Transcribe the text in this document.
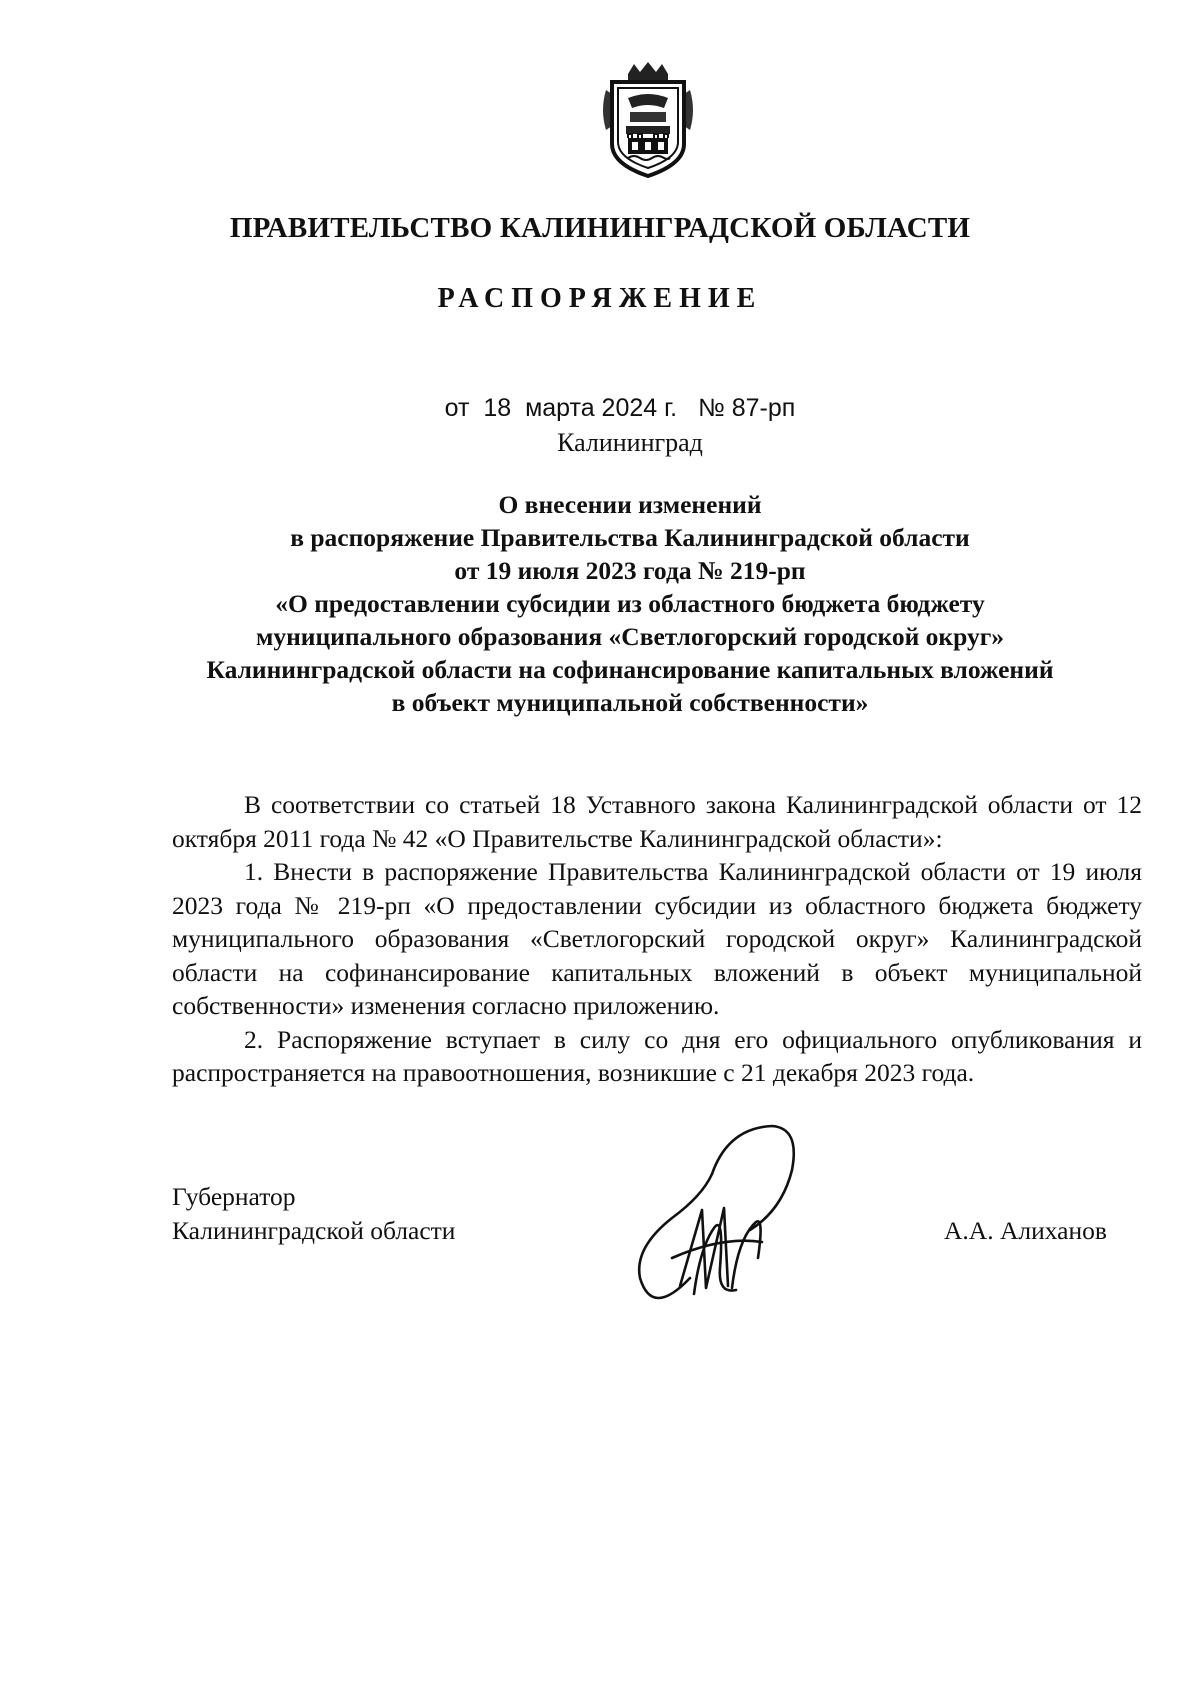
ПРАВИТЕЛЬСТВО КАЛИНИНГРАДСКОЙ ОБЛАСТИ
РАСПОРЯЖЕНИЕ
от 18 марта 2024 г. № 87-рп
Калининград
О внесении изменений
в распоряжение Правительства Калининградской области
от 19 июля 2023 года № 219-рп
«О предоставлении субсидии из областного бюджета бюджету
муниципального образования «Светлогорский городской округ»
Калининградской области на софинансирование капитальных вложений
в объект муниципальной собственности»

В соответствии со статьей 18 Уставного закона Калининградской области от 12 октября 2011 года № 42 «О Правительстве Калининградской области»:

1. Внести в распоряжение Правительства Калининградской области от 19 июля 2023 года № 219-рп «О предоставлении субсидии из областного бюджета бюджету муниципального образования «Светлогорский городской округ» Калининградской области на софинансирование капитальных вложений в объект муниципальной собственности» изменения согласно приложению.

2. Распоряжение вступает в силу со дня его официального опубликования и распространяется на правоотношения, возникшие с 21 декабря 2023 года.

Губернатор
Калининградской области	А.А. Алиханов
